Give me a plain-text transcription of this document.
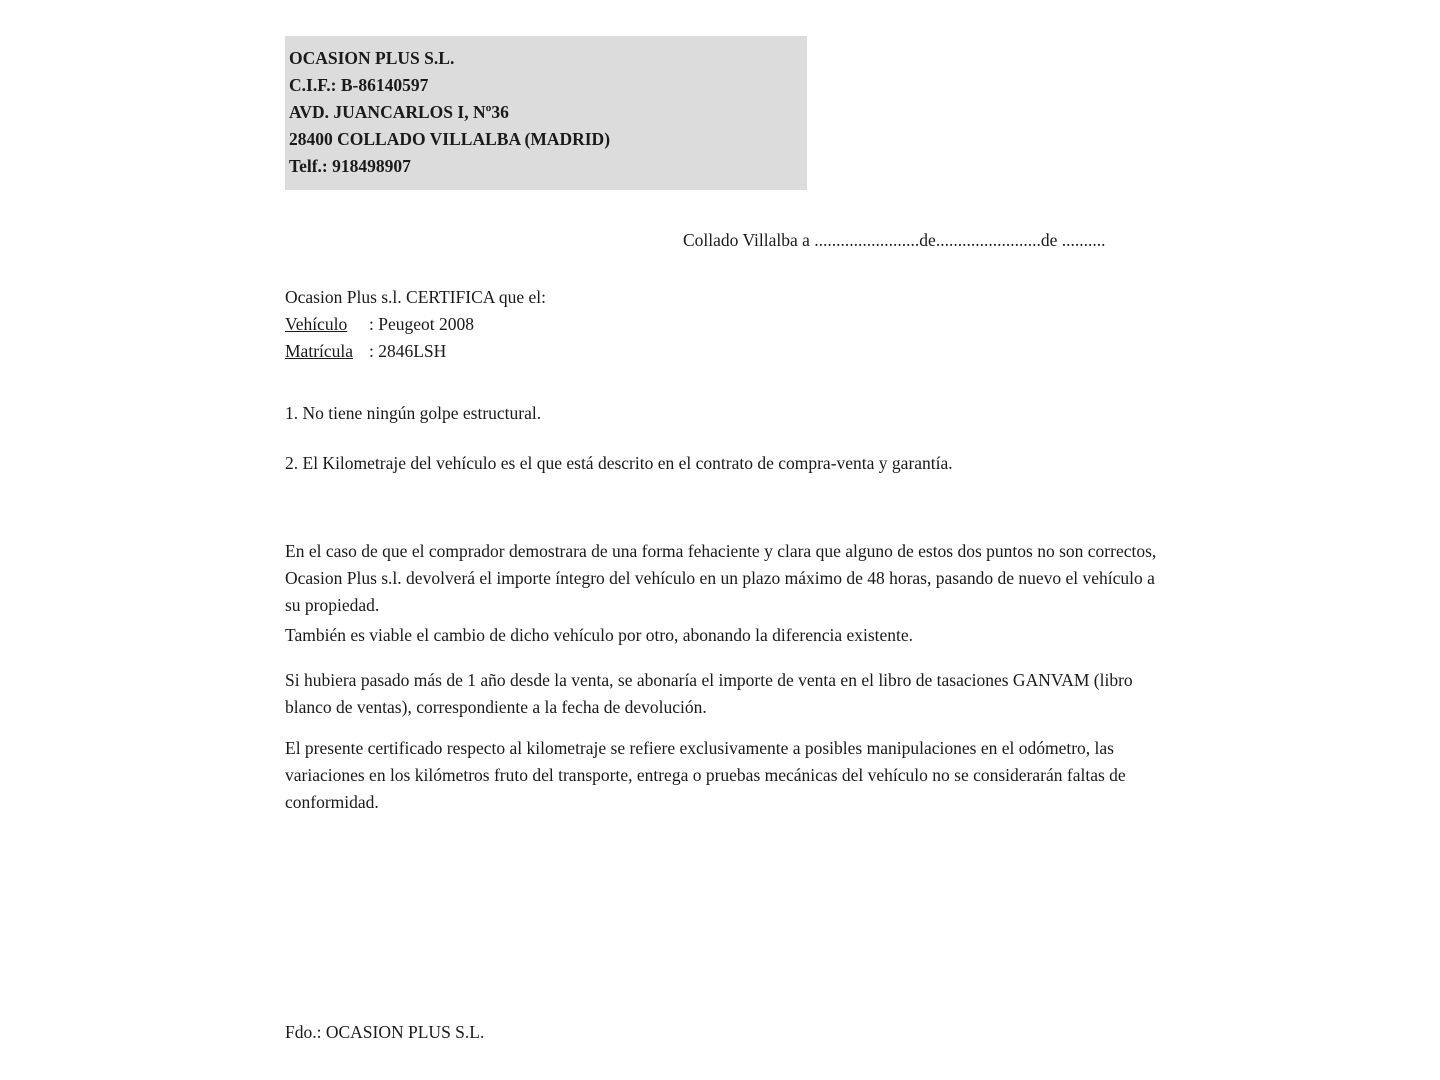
OCASION PLUS S.L.
C.I.F.: B-86140597
AVD. JUANCARLOS I, Nº36
28400 COLLADO VILLALBA (MADRID)
Telf.: 918498907
Collado Villalba a ........................de........................de ..........
Ocasion Plus s.l. CERTIFICA que el:
Vehículo : Peugeot 2008
Matrícula : 2846LSH
1. No tiene ningún golpe estructural.
2. El Kilometraje del vehículo es el que está descrito en el contrato de compra-venta y garantía.
En el caso de que el comprador demostrara de una forma fehaciente y clara que alguno de estos dos puntos no son correctos, Ocasion Plus s.l. devolverá el importe íntegro del vehículo en un plazo máximo de 48 horas, pasando de nuevo el vehículo a su propiedad.
También es viable el cambio de dicho vehículo por otro, abonando la diferencia existente.
Si hubiera pasado más de 1 año desde la venta, se abonaría el importe de venta en el libro de tasaciones GANVAM (libro blanco de ventas), correspondiente a la fecha de devolución.
El presente certificado respecto al kilometraje se refiere exclusivamente a posibles manipulaciones en el odómetro, las variaciones en los kilómetros fruto del transporte, entrega o pruebas mecánicas del vehículo no se considerarán faltas de conformidad.
Fdo.: OCASION PLUS S.L.
